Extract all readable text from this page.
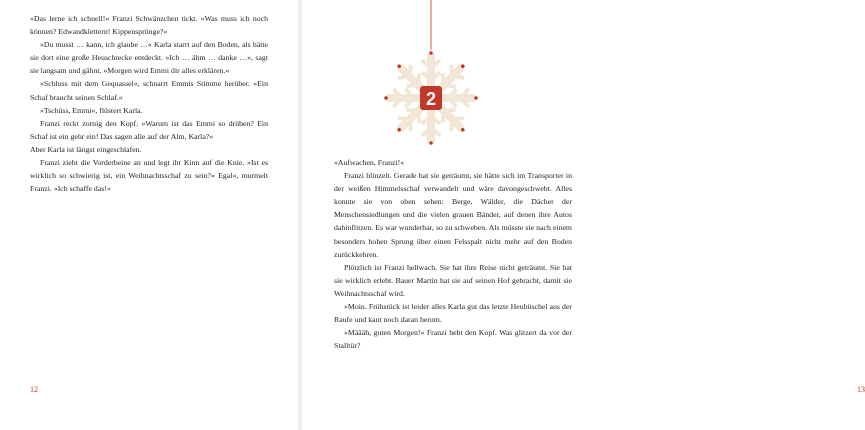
»Das lerne ich schnell!« Franzi Schwänzchen tickt. »Was muss ich noch können? Edwandklettern! Kippensprünge?«

»Du musst … kann, ich glaube …« Karla starrt auf den Boden, als hätte sie dort eine große Heuschrecke entdeckt. »Ich … ähm … danke …«, sagt sie langsam und gähnt. »Morgen wird Emmi dir alles erklären.«

»Schluss mit dem Gequassel«, schnarrt Emmis Stimme herüber. »Ein Schaf braucht seinen Schlaf.«

»Tschüss, Emmi«, flüstert Karla.

Franzi reckt zornig den Kopf. »Warum ist das Emmi so drüben? Ein Schaf ist ein gehr ein! Das sagen alle auf der Alm, Karla?«

Aber Karla ist längst eingeschlafen.

Franzi zieht die Vorderbeine an und legt ihr Kinn auf die Knie. »Ist es wirklich so schwierig ist, ein Weihnachtsschaf zu sein?« Egal«, murmelt Franzi. »Ich schaffe das!«

12	13

»Aufwachen, Franzi!«

Franzi blinzelt. Gerade hat sie geträumt, sie hätte sich im Transporter in der weißen Himmelsschaf verwandelt und wäre davongeschwebt. Alles konnte sie von oben sehen: Berge, Wälder, die Dächer der Menschensiedlungen und die vielen grauen Bänder, auf denen ihre Autos dahinflitzen. Es war wunderbar, so zu schweben. Als müsste sie nach einem besonders hohen Sprung über einen Felsspalt nicht mehr auf den Boden zurückkehren.

Plötzlich ist Franzi hellwach. Sie hat ihre Reise nicht geträumt. Sie hat sie wirklich erlebt. Bauer Martin hat sie auf seinen Hof gebracht, damit sie Weihnachtsschaf wird.

»Moin. Frühstück ist leider alles Karla gut das letzte Heubüschel aus der Raufe und kaut noch daran herum.

»Määäh, guten Morgen!« Franzi hebt den Kopf. Was glitzert da vor der Stalltür?

2
